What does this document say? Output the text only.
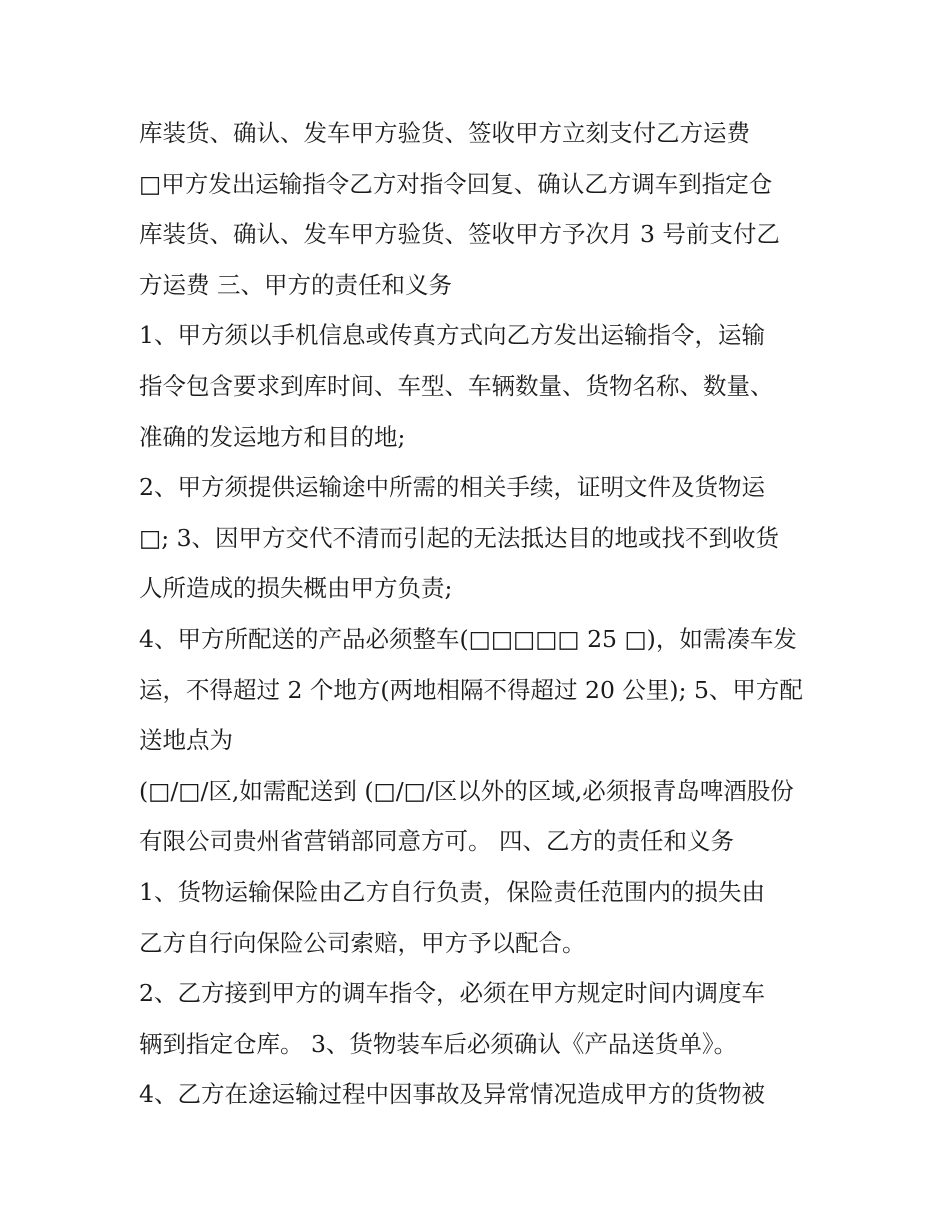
库装货、确认、发车甲方验货、签收甲方立刻支付乙方运费
□甲方发出运输指令乙方对指令回复、确认乙方调车到指定仓
库装货、确认、发车甲方验货、签收甲方予次月 3 号前支付乙
方运费 三、甲方的责任和义务
1、甲方须以手机信息或传真方式向乙方发出运输指令，运输
指令包含要求到库时间、车型、车辆数量、货物名称、数量、
准确的发运地方和目的地;
2、甲方须提供运输途中所需的相关手续，证明文件及货物运
□; 3、因甲方交代不清而引起的无法抵达目的地或找不到收货
人所造成的损失概由甲方负责;
4、甲方所配送的产品必须整车(□□□□□ 25 □)，如需凑车发
运，不得超过 2 个地方(两地相隔不得超过 20 公里); 5、甲方配
送地点为
(□/□/区,如需配送到 (□/□/区以外的区域,必须报青岛啤酒股份
有限公司贵州省营销部同意方可。 四、乙方的责任和义务
1、货物运输保险由乙方自行负责，保险责任范围内的损失由
乙方自行向保险公司索赔，甲方予以配合。
2、乙方接到甲方的调车指令，必须在甲方规定时间内调度车
辆到指定仓库。 3、货物装车后必须确认《产品送货单》。
4、乙方在途运输过程中因事故及异常情况造成甲方的货物被
